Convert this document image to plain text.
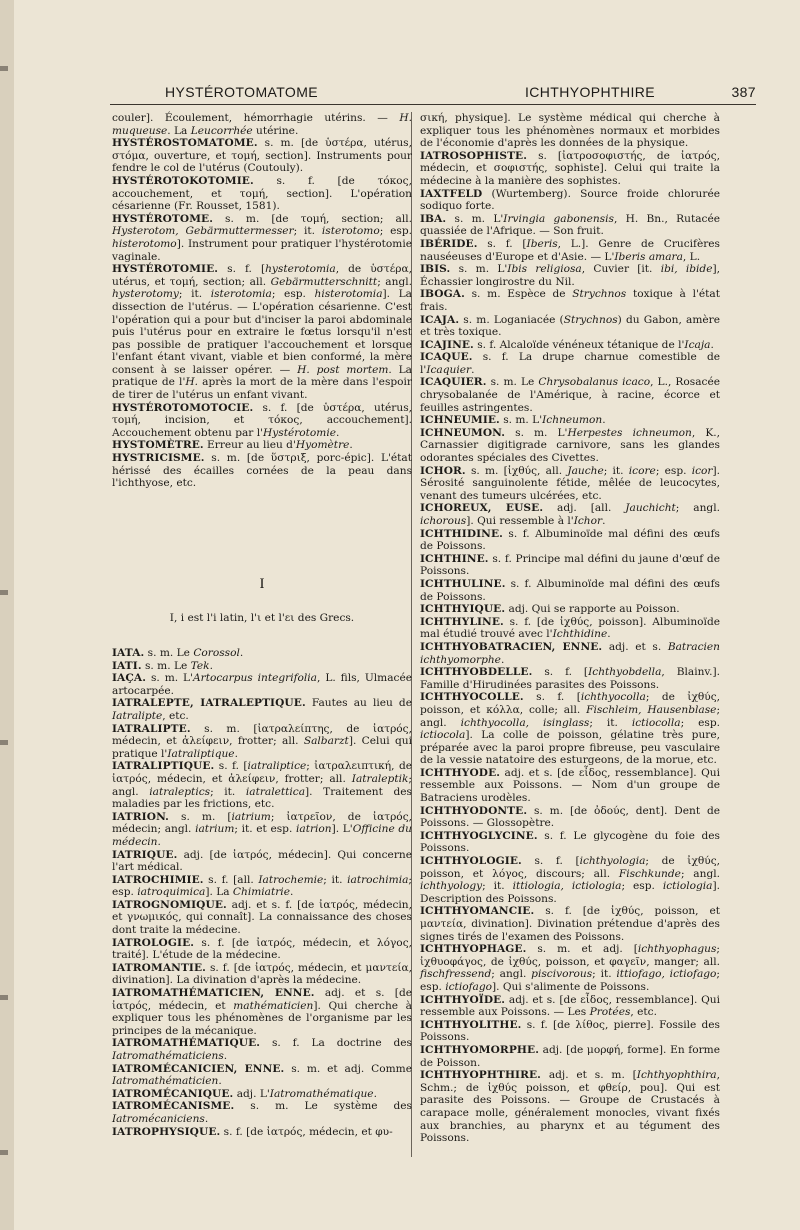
HYSTÉROTOMATOME	ICHTHYOPHTHIRE	387

couler]. Écoulement, hémorrhagie utérins. — H. muqueuse. La Leucorrhée utérine.

HYSTÉROSTOMATOME. s. m. [de ὑστέρα, utérus, στόμα, ouverture, et τομή, section]. Instruments pour fendre le col de l'utérus (Coutouly).

HYSTÉROTOKOTOMIE. s. f. [de τόκος, accouchement, et τομή, section]. L'opération césarienne (Fr. Rousset, 1581).

HYSTÉROTOME. s. m. [de τομή, section; all. Hysterotom, Gebärmuttermesser; it. isterotomo; esp. histerotomo]. Instrument pour pratiquer l'hystérotomie vaginale.

HYSTÉROTOMIE. s. f. [hysterotomia, de ὑστέρα, utérus, et τομή, section; all. Gebärmutterschnitt; angl. hysterotomy; it. isterotomia; esp. histerotomia]. La dissection de l'utérus. — L'opération césarienne. C'est l'opération qui a pour but d'inciser la paroi abdominale puis l'utérus pour en extraire le fœtus lorsqu'il n'est pas possible de pratiquer l'accouchement et lorsque l'enfant étant vivant, viable et bien conformé, la mère consent à se laisser opérer. — H. post mortem. La pratique de l'H. après la mort de la mère dans l'espoir de tirer de l'utérus un enfant vivant.

HYSTÉROTOMOTOCIE. s. f. [de ὑστέρα, utérus, τομή, incision, et τόκος, accouchement]. Accouchement obtenu par l'Hystérotomie.

HYSTOMÈTRE. Erreur au lieu d'Hyomètre.

HYSTRICISME. s. m. [de ὕστριξ, porc-épic]. L'état hérissé des écailles cornées de la peau dans l'ichthyose, etc.

I
I, i est l'i latin, l'ι et l'ει des Grecs.

IATA. s. m. Le Corossol.

IATI. s. m. Le Tek.

IAÇA. s. m. L'Artocarpus integrifolia, L. fils, Ulmacée artocarpée.

IATRALEPTE, IATRALEPTIQUE. Fautes au lieu de Iatralipte, etc.

IATRALIPTE. s. m. [ἰατραλείπτης, de ἰατρός, médecin, et ἀλείφειν, frotter; all. Salbarzt]. Celui qui pratique l'Iatraliptique.

IATRALIPTIQUE. s. f. [iatraliptice; ἰατραλειπτική, de ἰατρός, médecin, et ἀλείφειν, frotter; all. Iatraleptik; angl. iatraleptics; it. iatralettica]. Traitement des maladies par les frictions, etc.

IATRION. s. m. [iatrium; ἰατρεῖον, de ἰατρός, médecin; angl. iatrium; it. et esp. iatrion]. L'Officine du médecin.

IATRIQUE. adj. [de ἰατρός, médecin]. Qui concerne l'art médical.

IATROCHIMIE. s. f. [all. Iatrochemie; it. iatrochimia; esp. iatroquimica]. La Chimiatrie.

IATROGNOMIQUE. adj. et s. f. [de ἰατρός, médecin, et γνωμικός, qui connaît]. La connaissance des choses dont traite la médecine.

IATROLOGIE. s. f. [de ἰατρός, médecin, et λόγος, traité]. L'étude de la médecine.

IATROMANTIE. s. f. [de ἰατρός, médecin, et μαντεία, divination]. La divination d'après la médecine.

IATROMATHÉMATICIEN, ENNE. adj. et s. [de ἰατρός, médecin, et mathématicien]. Qui cherche à expliquer tous les phénomènes de l'organisme par les principes de la mécanique.

IATROMATHÉMATIQUE. s. f. La doctrine des Iatromathématiciens.

IATROMÉCANICIEN, ENNE. s. m. et adj. Comme Iatromathématicien.

IATROMÉCANIQUE. adj. L'Iatromathématique.

IATROMÉCANISME. s. m. Le système des Iatromécaniciens.

IATROPHYSIQUE. s. f. [de ἰατρός, médecin, et φυ-

σική, physique]. Le système médical qui cherche à expliquer tous les phénomènes normaux et morbides de l'économie d'après les données de la physique.

IATROSOPHISTE. s. [ἰατροσοφιστής, de ἰατρός, médecin, et σοφιστής, sophiste]. Celui qui traite la médecine à la manière des sophistes.

IAXTFELD (Wurtemberg). Source froide chlorurée sodiquo forte.

IBA. s. m. L'Irvingia gabonensis, H. Bn., Rutacée quassiée de l'Afrique. — Son fruit.

IBÉRIDE. s. f. [Iberis, L.]. Genre de Crucifères nauséeuses d'Europe et d'Asie. — L'Iberis amara, L.

IBIS. s. m. L'Ibis religiosa, Cuvier [it. ibi, ibide], Échassier longirostre du Nil.

IBOGA. s. m. Espèce de Strychnos toxique à l'état frais.

ICAJA. s. m. Loganiacée (Strychnos) du Gabon, amère et très toxique.

ICAJINE. s. f. Alcaloïde vénéneux tétanique de l'Icaja.

ICAQUE. s. f. La drupe charnue comestible de l'Icaquier.

ICAQUIER. s. m. Le Chrysobalanus icaco, L., Rosacée chrysobalanée de l'Amérique, à racine, écorce et feuilles astringentes.

ICHNEUMIE. s. m. L'Ichneumon.

ICHNEUMON. s. m. L'Herpestes ichneumon, K., Carnassier digitigrade carnivore, sans les glandes odorantes spéciales des Civettes.

ICHOR. s. m. [ἰχθύς, all. Jauche; it. icore; esp. icor]. Sérosité sanguinolente fétide, mêlée de leucocytes, venant des tumeurs ulcérées, etc.

ICHOREUX, EUSE. adj. [all. Jauchicht; angl. ichorous]. Qui ressemble à l'Ichor.

ICHTHIDINE. s. f. Albuminoïde mal défini des œufs de Poissons.

ICHTHINE. s. f. Principe mal défini du jaune d'œuf de Poissons.

ICHTHULINE. s. f. Albuminoïde mal défini des œufs de Poissons.

ICHTHYIQUE. adj. Qui se rapporte au Poisson.

ICHTHYLINE. s. f. [de ἰχθύς, poisson]. Albuminoïde mal étudié trouvé avec l'Ichthidine.

ICHTHYOBATRACIEN, ENNE. adj. et s. Batracien ichthyomorphe.

ICHTHYOBDELLE. s. f. [Ichthyobdella, Blainv.]. Famille d'Hirudinées parasites des Poissons.

ICHTHYOCOLLE. s. f. [ichthyocolla; de ἰχθύς, poisson, et κόλλα, colle; all. Fischleim, Hausenblase; angl. ichthyocolla, isinglass; it. ictiocolla; esp. ictiocola]. La colle de poisson, gélatine très pure, préparée avec la paroi propre fibreuse, peu vasculaire de la vessie natatoire des esturgeons, de la morue, etc.

ICHTHYODE. adj. et s. [de εἶδος, ressemblance]. Qui ressemble aux Poissons. — Nom d'un groupe de Batraciens urodèles.

ICHTHYODONTE. s. m. [de ὀδούς, dent]. Dent de Poissons. — Glossopètre.

ICHTHYOGLYCINE. s. f. Le glycogène du foie des Poissons.

ICHTHYOLOGIE. s. f. [ichthyologia; de ἰχθύς, poisson, et λόγος, discours; all. Fischkunde; angl. ichthyology; it. ittiologia, ictiologia; esp. ictiologia]. Description des Poissons.

ICHTHYOMANCIE. s. f. [de ἰχθύς, poisson, et μαντεία, divination]. Divination prétendue d'après des signes tirés de l'examen des Poissons.

ICHTHYOPHAGE. s. m. et adj. [ichthyophagus; ἰχθυοφάγος, de ἰχθύς, poisson, et φαγεῖν, manger; all. fischfressend; angl. piscivorous; it. ittiofago, ictiofago; esp. ictiofago]. Qui s'alimente de Poissons.

ICHTHYOÏDE. adj. et s. [de εἶδος, ressemblance]. Qui ressemble aux Poissons. — Les Protées, etc.

ICHTHYOLITHE. s. f. [de λίθος, pierre]. Fossile des Poissons.

ICHTHYOMORPHE. adj. [de μορφή, forme]. En forme de Poisson.

ICHTHYOPHTHIRE. adj. et s. m. [Ichthyophthira, Schm.; de ἰχθύς poisson, et φθείρ, pou]. Qui est parasite des Poissons. — Groupe de Crustacés à carapace molle, généralement monocles, vivant fixés aux branchies, au pharynx et au tégument des Poissons.
